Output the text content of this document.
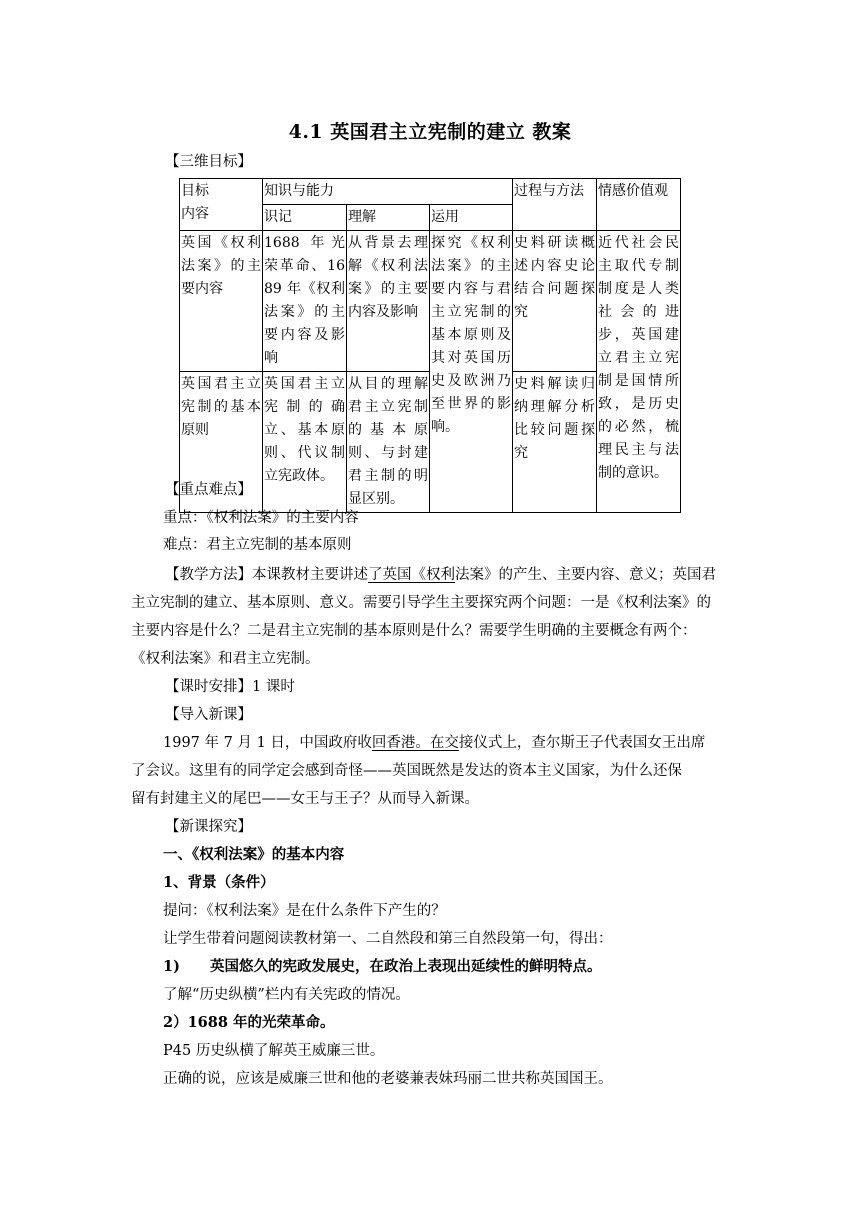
4.1 英国君主立宪制的建立 教案
【三维目标】
目标
内容	知识与能力			过程与方法	情感价值观
	识记	理解	运用		
英国《权利法案》的主要内容	1688 年光荣革命、1689 年《权利法案》的主要内容及影响	从背景去理解《权利法案》的主要内容及影响	探究《权利法案》的主要内容与君主立宪制的基本原则及其对英国历史及欧洲乃至世界的影响。	史料研读概述内容史论结合问题探究	近代社会民主取代专制制度是人类社会的进步，英国建立君主立宪制是国情所致，是历史的必然，梳理民主与法制的意识。
英国君主立宪制的基本原则	英国君主立宪制的确立、基本原则、代议制立宪政体。	从目的理解君主立宪制的基本原则、与封建君主制的明显区别。		史料解读归纳理解分析比较问题探究	
【重点难点】
重点：《权利法案》的主要内容
难点：君主立宪制的基本原则
【教学方法】本课教材主要讲述了英国《权利法案》的产生、主要内容、意义；英国君
主立宪制的建立、基本原则、意义。需要引导学生主要探究两个问题：一是《权利法案》的
主要内容是什么？二是君主立宪制的基本原则是什么？需要学生明确的主要概念有两个：
《权利法案》和君主立宪制。
【课时安排】1 课时
【导入新课】
1997 年 7 月 1 日，中国政府收回香港。在交接仪式上，查尔斯王子代表国女王出席
了会议。这里有的同学定会感到奇怪——英国既然是发达的资本主义国家，为什么还保
留有封建主义的尾巴——女王与王子？从而导入新课。
【新课探究】
一、《权利法案》的基本内容
1、背景（条件）
提问：《权利法案》是在什么条件下产生的？
让学生带着问题阅读教材第一、二自然段和第三自然段第一句，得出：
1) 英国悠久的宪政发展史，在政治上表现出延续性的鲜明特点。
了解“历史纵横”栏内有关宪政的情况。
2）1688 年的光荣革命。
P45 历史纵横了解英王威廉三世。
正确的说，应该是威廉三世和他的老婆兼表妹玛丽二世共称英国国王。
